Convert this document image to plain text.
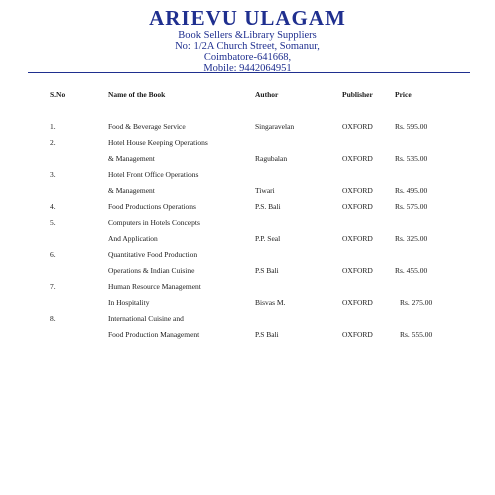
ARIEVU ULAGAM
Book Sellers &Library Suppliers
No: 1/2A Church Street, Somanur,
Coimbatore-641668,
Mobile: 9442064951
S.No	Name of the Book	Author	Publisher	Price
1.	Food & Beverage Service	Singaravelan	OXFORD	Rs. 595.00
2.	Hotel House Keeping Operations
& Management	Ragubalan	OXFORD	Rs. 535.00
3.	Hotel Front Office Operations
& Management	Tiwari	OXFORD	Rs. 495.00
4.	Food Productions Operations	P.S. Bali	OXFORD	Rs. 575.00
5.	Computers in Hotels Concepts
And Application	P.P. Seal	OXFORD	Rs. 325.00
6.	Quantitative Food Production
Operations & Indian Cuisine	P.S Bali	OXFORD	Rs. 455.00
7.	Human Resource Management
In Hospitality	Bisvas M.	OXFORD	Rs. 275.00
8.	International Cuisine and
Food Production Management	P.S Bali	OXFORD	Rs. 555.00
